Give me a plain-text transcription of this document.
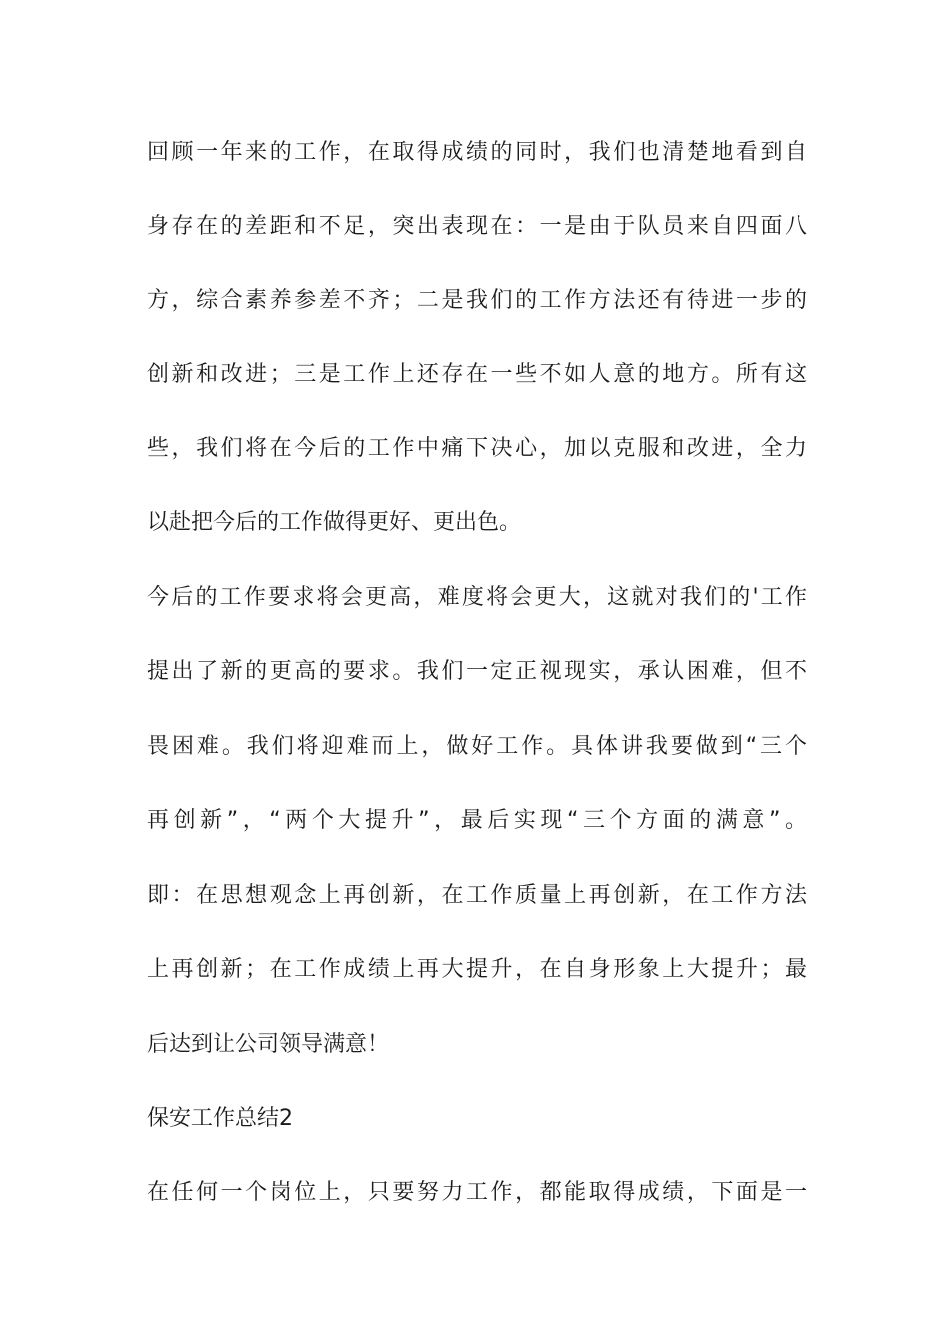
回顾一年来的工作，在取得成绩的同时，我们也清楚地看到自
身存在的差距和不足，突出表现在：一是由于队员来自四面八
方，综合素养参差不齐；二是我们的工作方法还有待进一步的
创新和改进；三是工作上还存在一些不如人意的地方。所有这
些，我们将在今后的工作中痛下决心，加以克服和改进，全力
以赴把今后的工作做得更好、更出色。
今后的工作要求将会更高，难度将会更大，这就对我们的'工作
提出了新的更高的要求。我们一定正视现实，承认困难，但不
畏困难。我们将迎难而上，做好工作。具体讲我要做到“三个
再创新”，“两个大提升”，最后实现“三个方面的满意”。
即：在思想观念上再创新，在工作质量上再创新，在工作方法
上再创新；在工作成绩上再大提升，在自身形象上大提升；最
后达到让公司领导满意！
保安工作总结2
在任何一个岗位上，只要努力工作，都能取得成绩，下面是一
